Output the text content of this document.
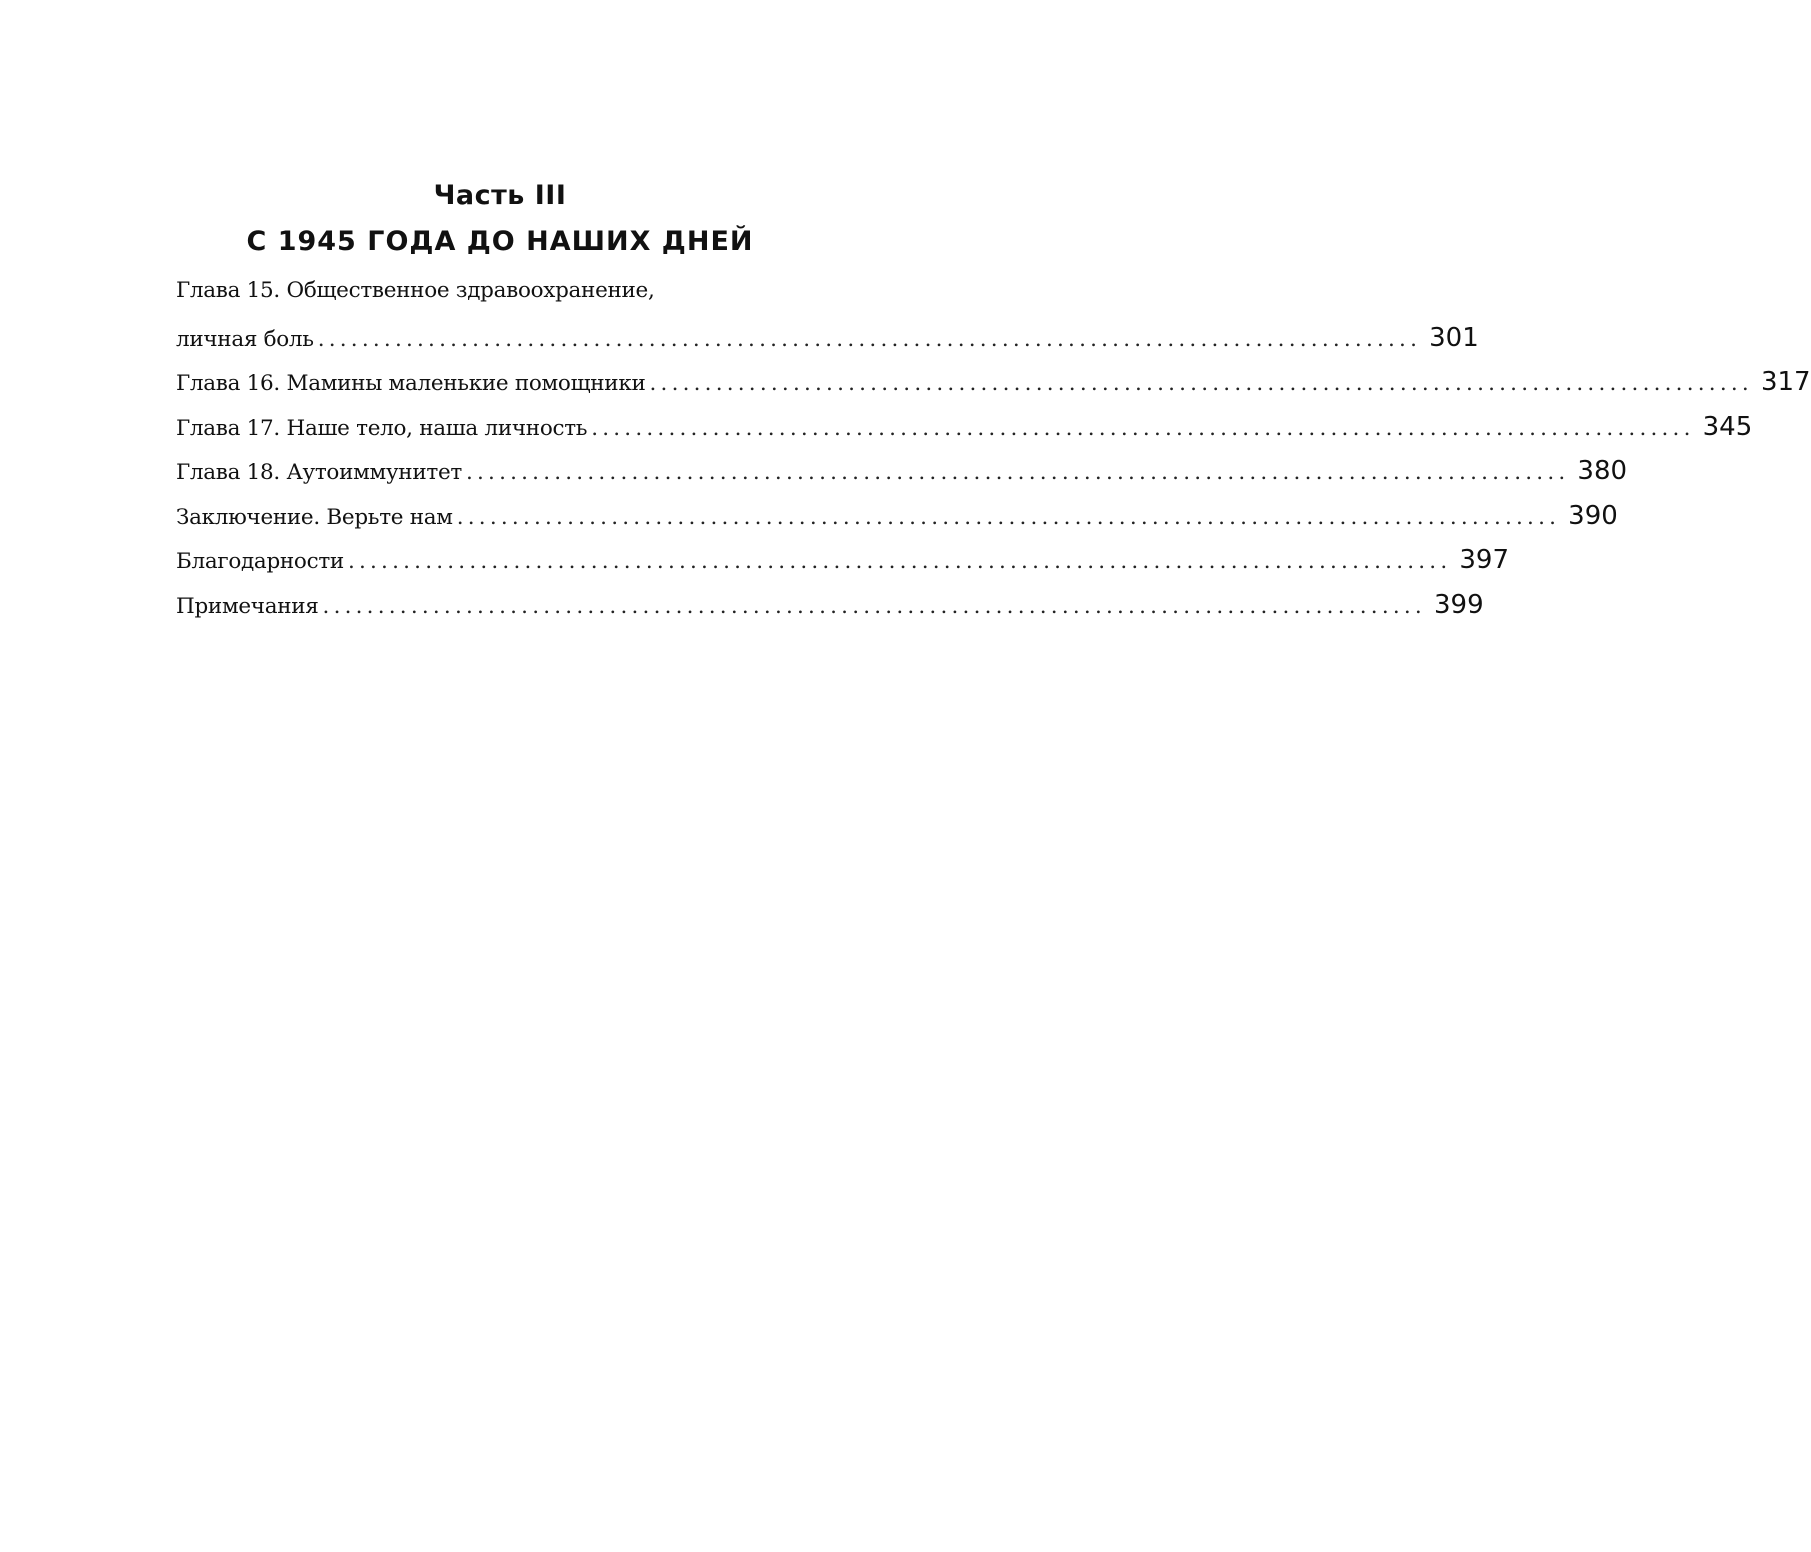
Часть III
С 1945 ГОДА ДО НАШИХ ДНЕЙ
Глава 15. Общественное здравоохранение,
личная боль .................................................................................................... 301
Глава 16. Мамины маленькие помощники .................................................................................................... 317
Глава 17. Наше тело, наша личность .................................................................................................... 345
Глава 18. Аутоиммунитет .................................................................................................... 380
Заключение. Верьте нам .................................................................................................... 390
Благодарности .................................................................................................... 397
Примечания .................................................................................................... 399
